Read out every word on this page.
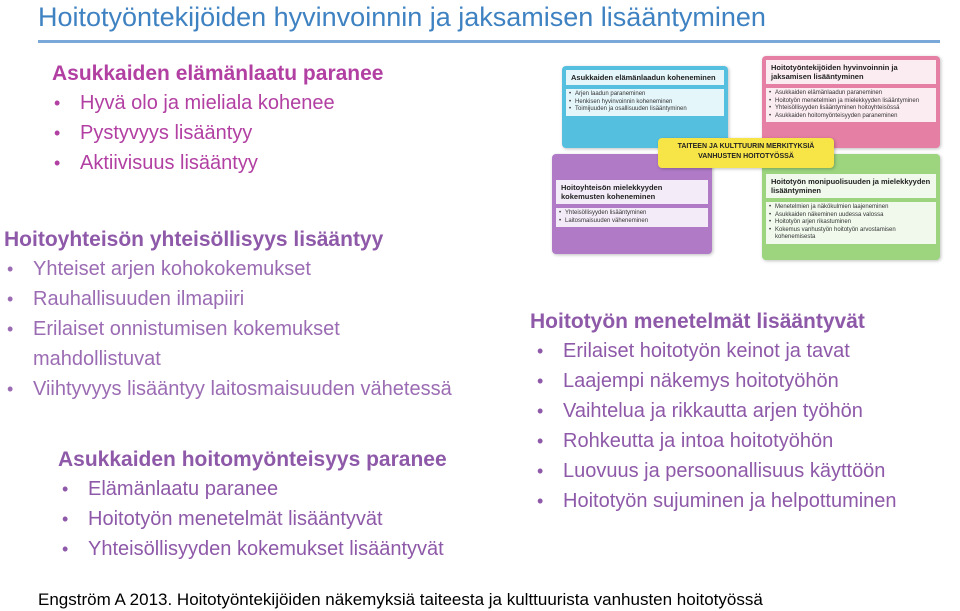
Hoitotyöntekijöiden hyvinvoinnin ja jaksamisen lisääntyminen
Asukkaiden elämänlaatu paranee
• Hyvä olo ja mieliala kohenee
• Pystyvyys lisääntyy
• Aktiivisuus lisääntyy
Hoitoyhteisön yhteisöllisyys lisääntyy
• Yhteiset arjen kohokokemukset
• Rauhallisuuden ilmapiiri
• Erilaiset onnistumisen kokemukset
mahdollistuvat
• Viihtyvyys lisääntyy laitosmaisuuden vähetessä
Asukkaiden hoitomyönteisyys paranee
• Elämänlaatu paranee
• Hoitotyön menetelmät lisääntyvät
• Yhteisöllisyyden kokemukset lisääntyvät
Hoitotyön menetelmät lisääntyvät
• Erilaiset hoitotyön keinot ja tavat
• Laajempi näkemys hoitotyöhön
• Vaihtelua ja rikkautta arjen työhön
• Rohkeutta ja intoa hoitotyöhön
• Luovuus ja persoonallisuus käyttöön
• Hoitotyön sujuminen ja helpottuminen
Asukkaiden elämänlaadun koheneminen
• Arjen laadun paraneminen
• Henkisen hyvinvoinnin koheneminen
• Toimijuuden ja osallisuuden lisääntyminen
Hoitotyöntekijöiden hyvinvoinnin ja jaksamisen lisääntyminen
• Asukkaiden elämänlaadun paraneminen
• Hoitotyön menetelmien ja mielekkyyden lisääntyminen
• Yhteisöllisyyden lisääntyminen hoitoyhteisössä
• Asukkaiden hoitomyönteisyyden paraneminen
Hoitoyhteisön mielekkyyden kokemusten koheneminen
• Yhteisöllisyyden lisääntyminen
• Laitosmaisuuden väheneminen
Hoitotyön monipuolisuuden ja mielekkyyden lisääntyminen
• Menetelmien ja näkökulmien laajeneminen
• Asukkaiden näkeminen uudessa valossa
• Hoitotyön arjen rikastuminen
• Kokemus vanhustyön hoitotyön arvostamisen kohenemisesta
TAITEEN JA KULTTUURIN MERKITYKSIÄ VANHUSTEN HOITOTYÖSSÄ
Engström A 2013. Hoitotyöntekijöiden näkemyksiä taiteesta ja kulttuurista vanhusten hoitotyössä
